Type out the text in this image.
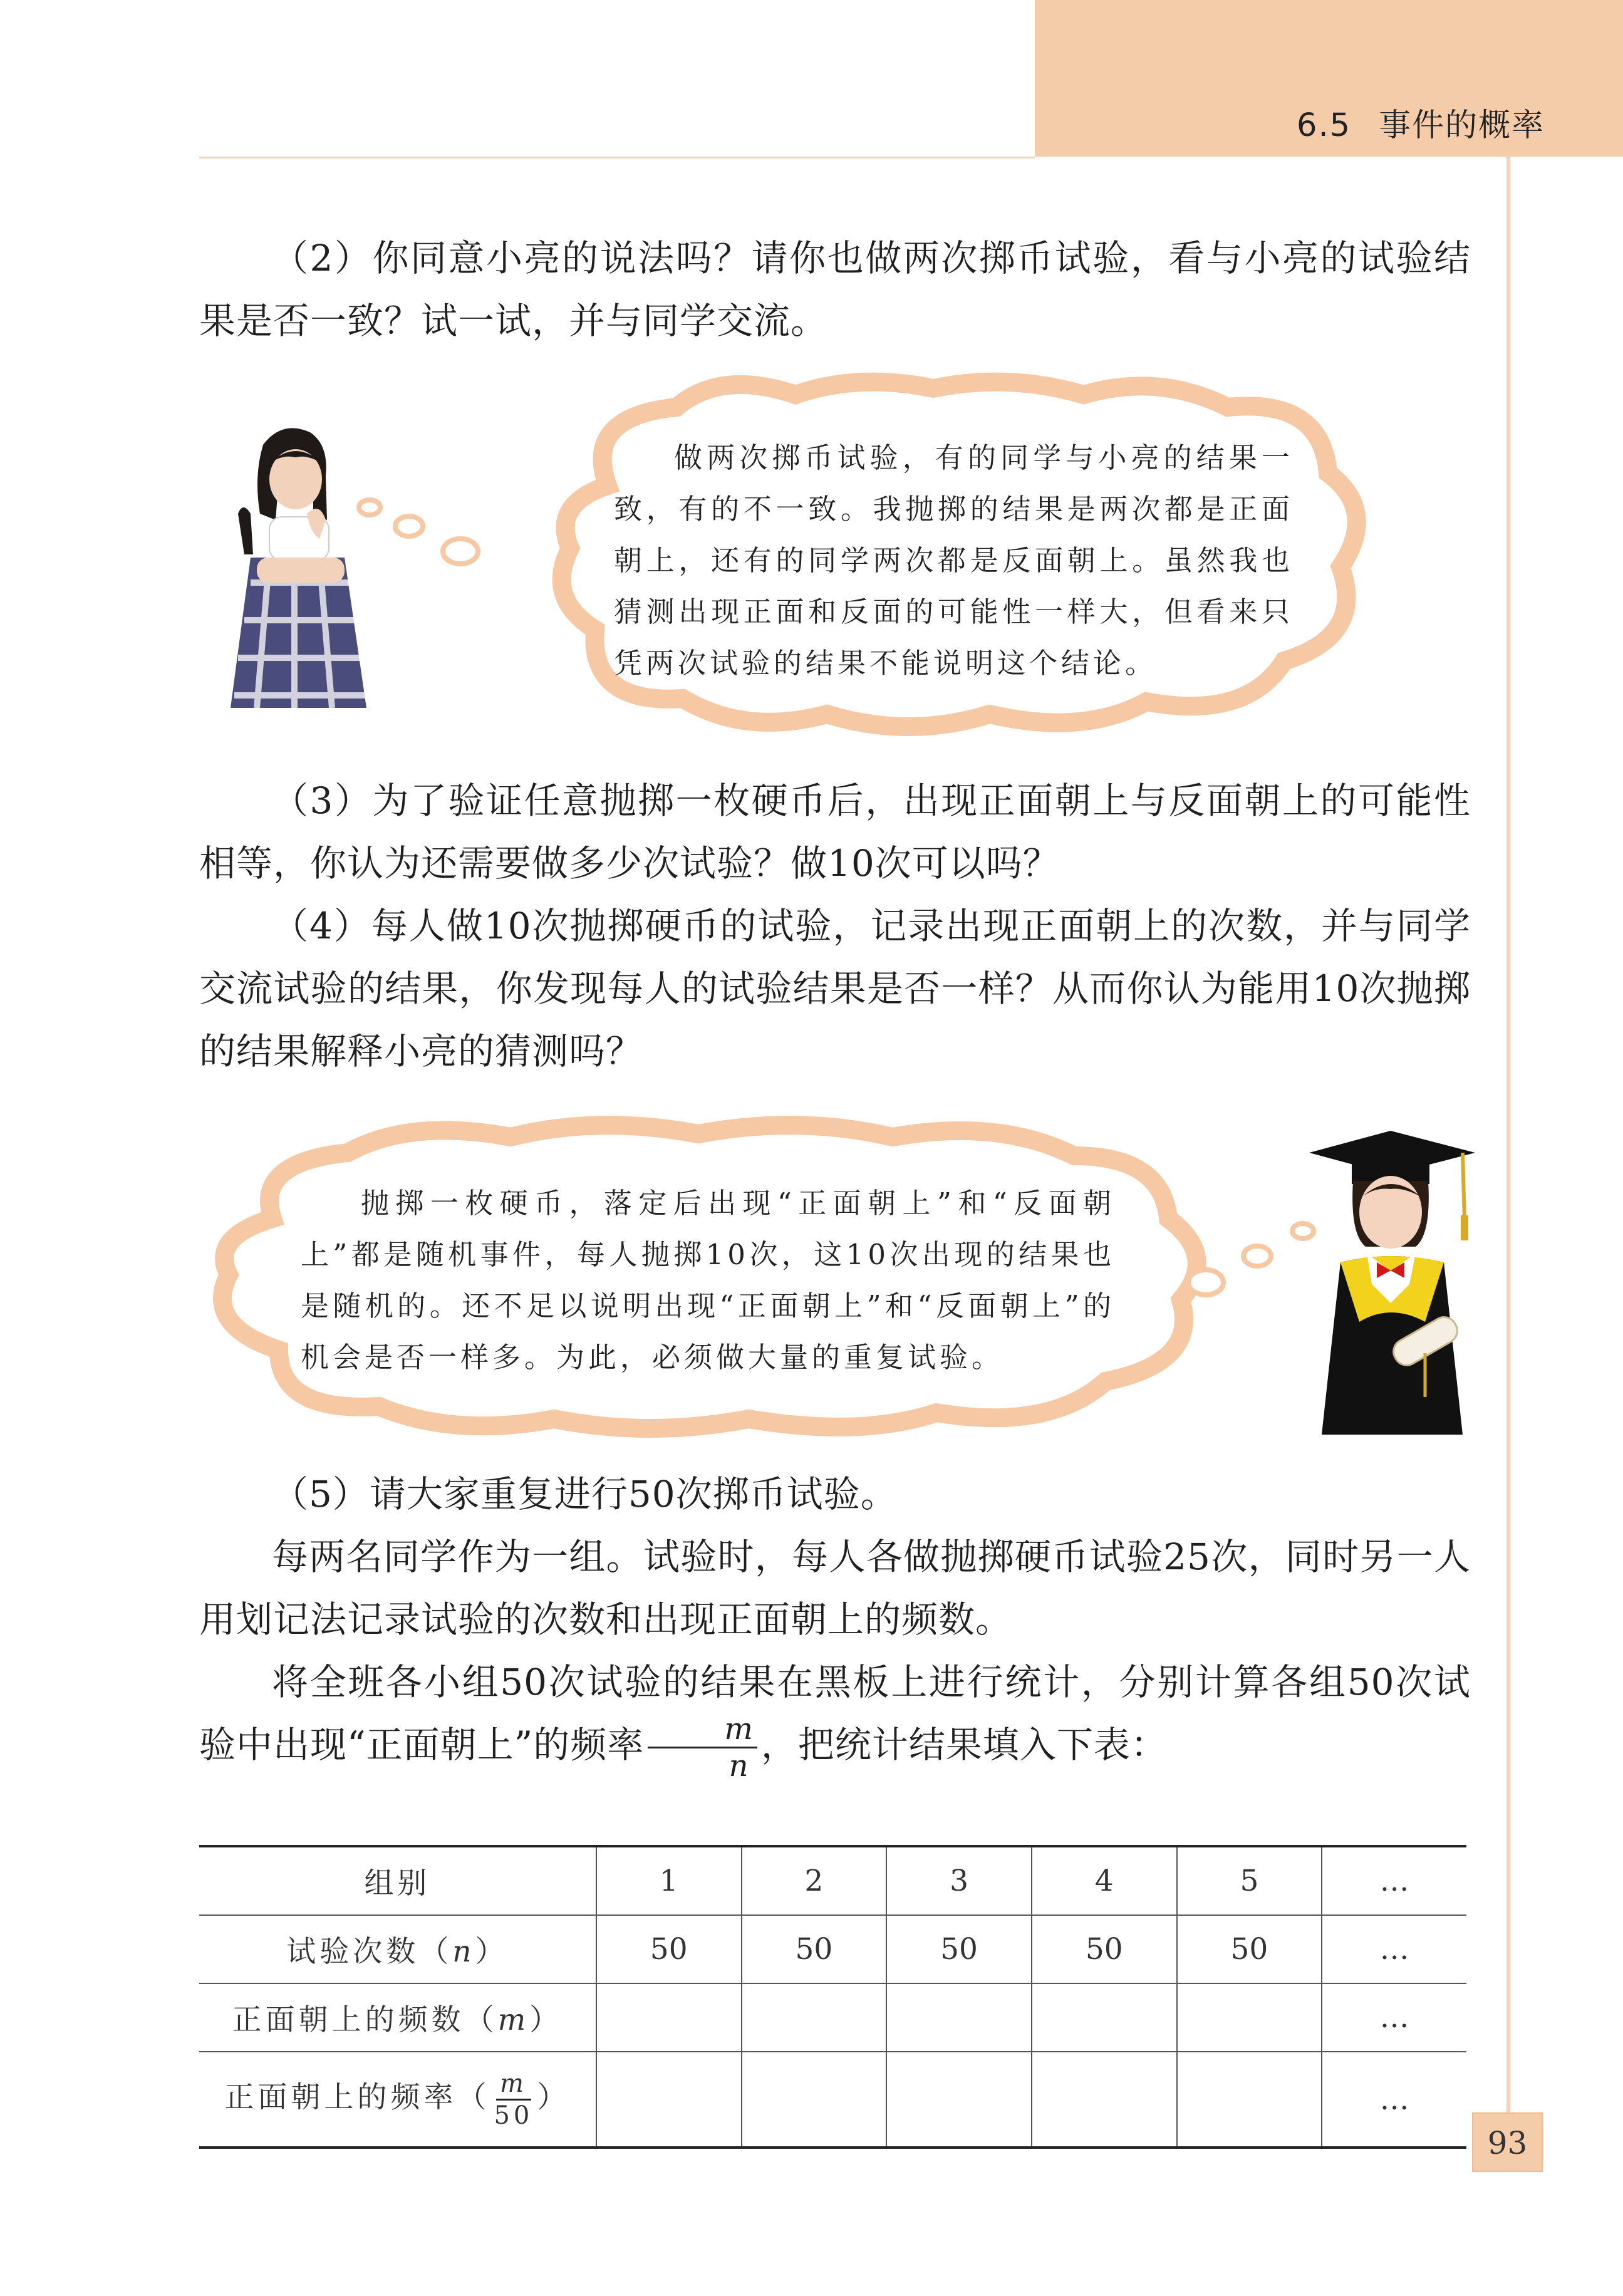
6.5 事件的概率

（2）你同意小亮的说法吗？请你也做两次掷币试验，看与小亮的试验结果是否一致？试一试，并与同学交流。

做两次掷币试验，有的同学与小亮的结果一致，有的不一致。我抛掷的结果是两次都是正面朝上，还有的同学两次都是反面朝上。虽然我也猜测出现正面和反面的可能性一样大，但看来只凭两次试验的结果不能说明这个结论。

（3）为了验证任意抛掷一枚硬币后，出现正面朝上与反面朝上的可能性相等，你认为还需要做多少次试验？做10次可以吗？

（4）每人做10次抛掷硬币的试验，记录出现正面朝上的次数，并与同学交流试验的结果，你发现每人的试验结果是否一样？从而你认为能用10次抛掷的结果解释小亮的猜测吗？

抛掷一枚硬币，落定后出现“正面朝上”和“反面朝上”都是随机事件，每人抛掷10次，这10次出现的结果也是随机的。还不足以说明出现“正面朝上”和“反面朝上”的机会是否一样多。为此，必须做大量的重复试验。

（5）请大家重复进行50次掷币试验。

每两名同学作为一组。试验时，每人各做抛掷硬币试验25次，同时另一人用划记法记录试验的次数和出现正面朝上的频数。

将全班各小组50次试验的结果在黑板上进行统计，分别计算各组50次试验中出现“正面朝上”的频率 $\frac{m}{n}$ ，把统计结果填入下表：

组别	1	2	3	4	5	…
试验次数（n）	50	50	50	50	50	…
正面朝上的频数（m）						…
正面朝上的频率（ $\frac{m}{50}$ ）						…
93
